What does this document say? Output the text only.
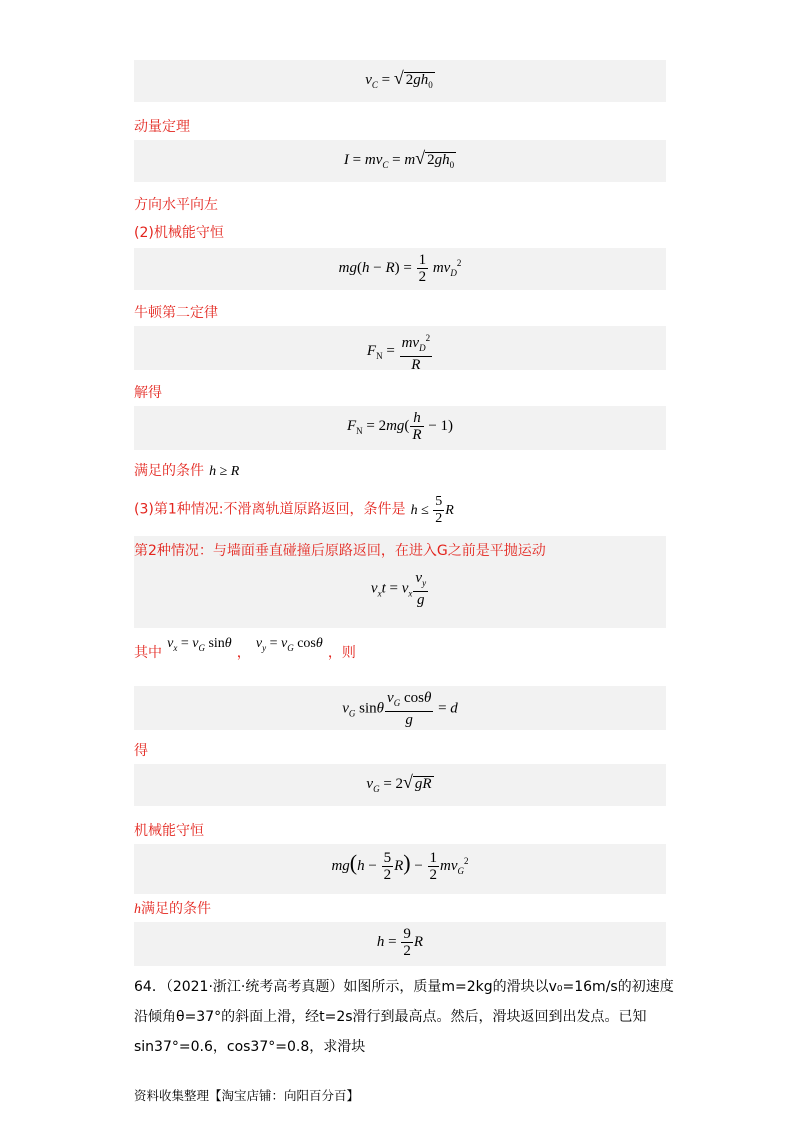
$v_C$ = √ $2gh_0$
动量定理
$I = mv_C = m√$ $2gh_0$
方向水平向左
(2)机械能守恒
$mg(h - R) = \frac{1}{2} mv_D^2$
牛顿第二定律
$F_N = \frac{mv_D^2}{R}$
解得
$F_N = 2mg( \frac{h}{R} - 1)$
满足的条件 h ≥ R
(3)第1种情况:不滑离轨道原路返回，条件是 $h \le \frac{5}{2}$ R
第2种情况：与墙面垂直碰撞后原路返回，在进入G之前是平抛运动
$v_xt = v_x \frac{v_y}{g}$
其中 $v_x = v_G$ sinθ ， $v_y = v_G$ cosθ ，则
$v_G$ sinθ $\frac{v_G \cos\theta}{g} = d$
得
$v_G = 2√$ gR
机械能守恒
$mg(h - \frac{5}{2} R) - \frac{1}{2} mv_G^2$
h满足的条件
$h = \frac{9}{2}$ R
64．（2021·浙江·统考高考真题）如图所示，质量m=2kg的滑块以v₀=16m/s的初速度
沿倾角θ=37°的斜面上滑，经t=2s滑行到最高点。然后，滑块返回到出发点。已知
sin37°=0.6，cos37°=0.8，求滑块
资料收集整理【淘宝店铺：向阳百分百】
